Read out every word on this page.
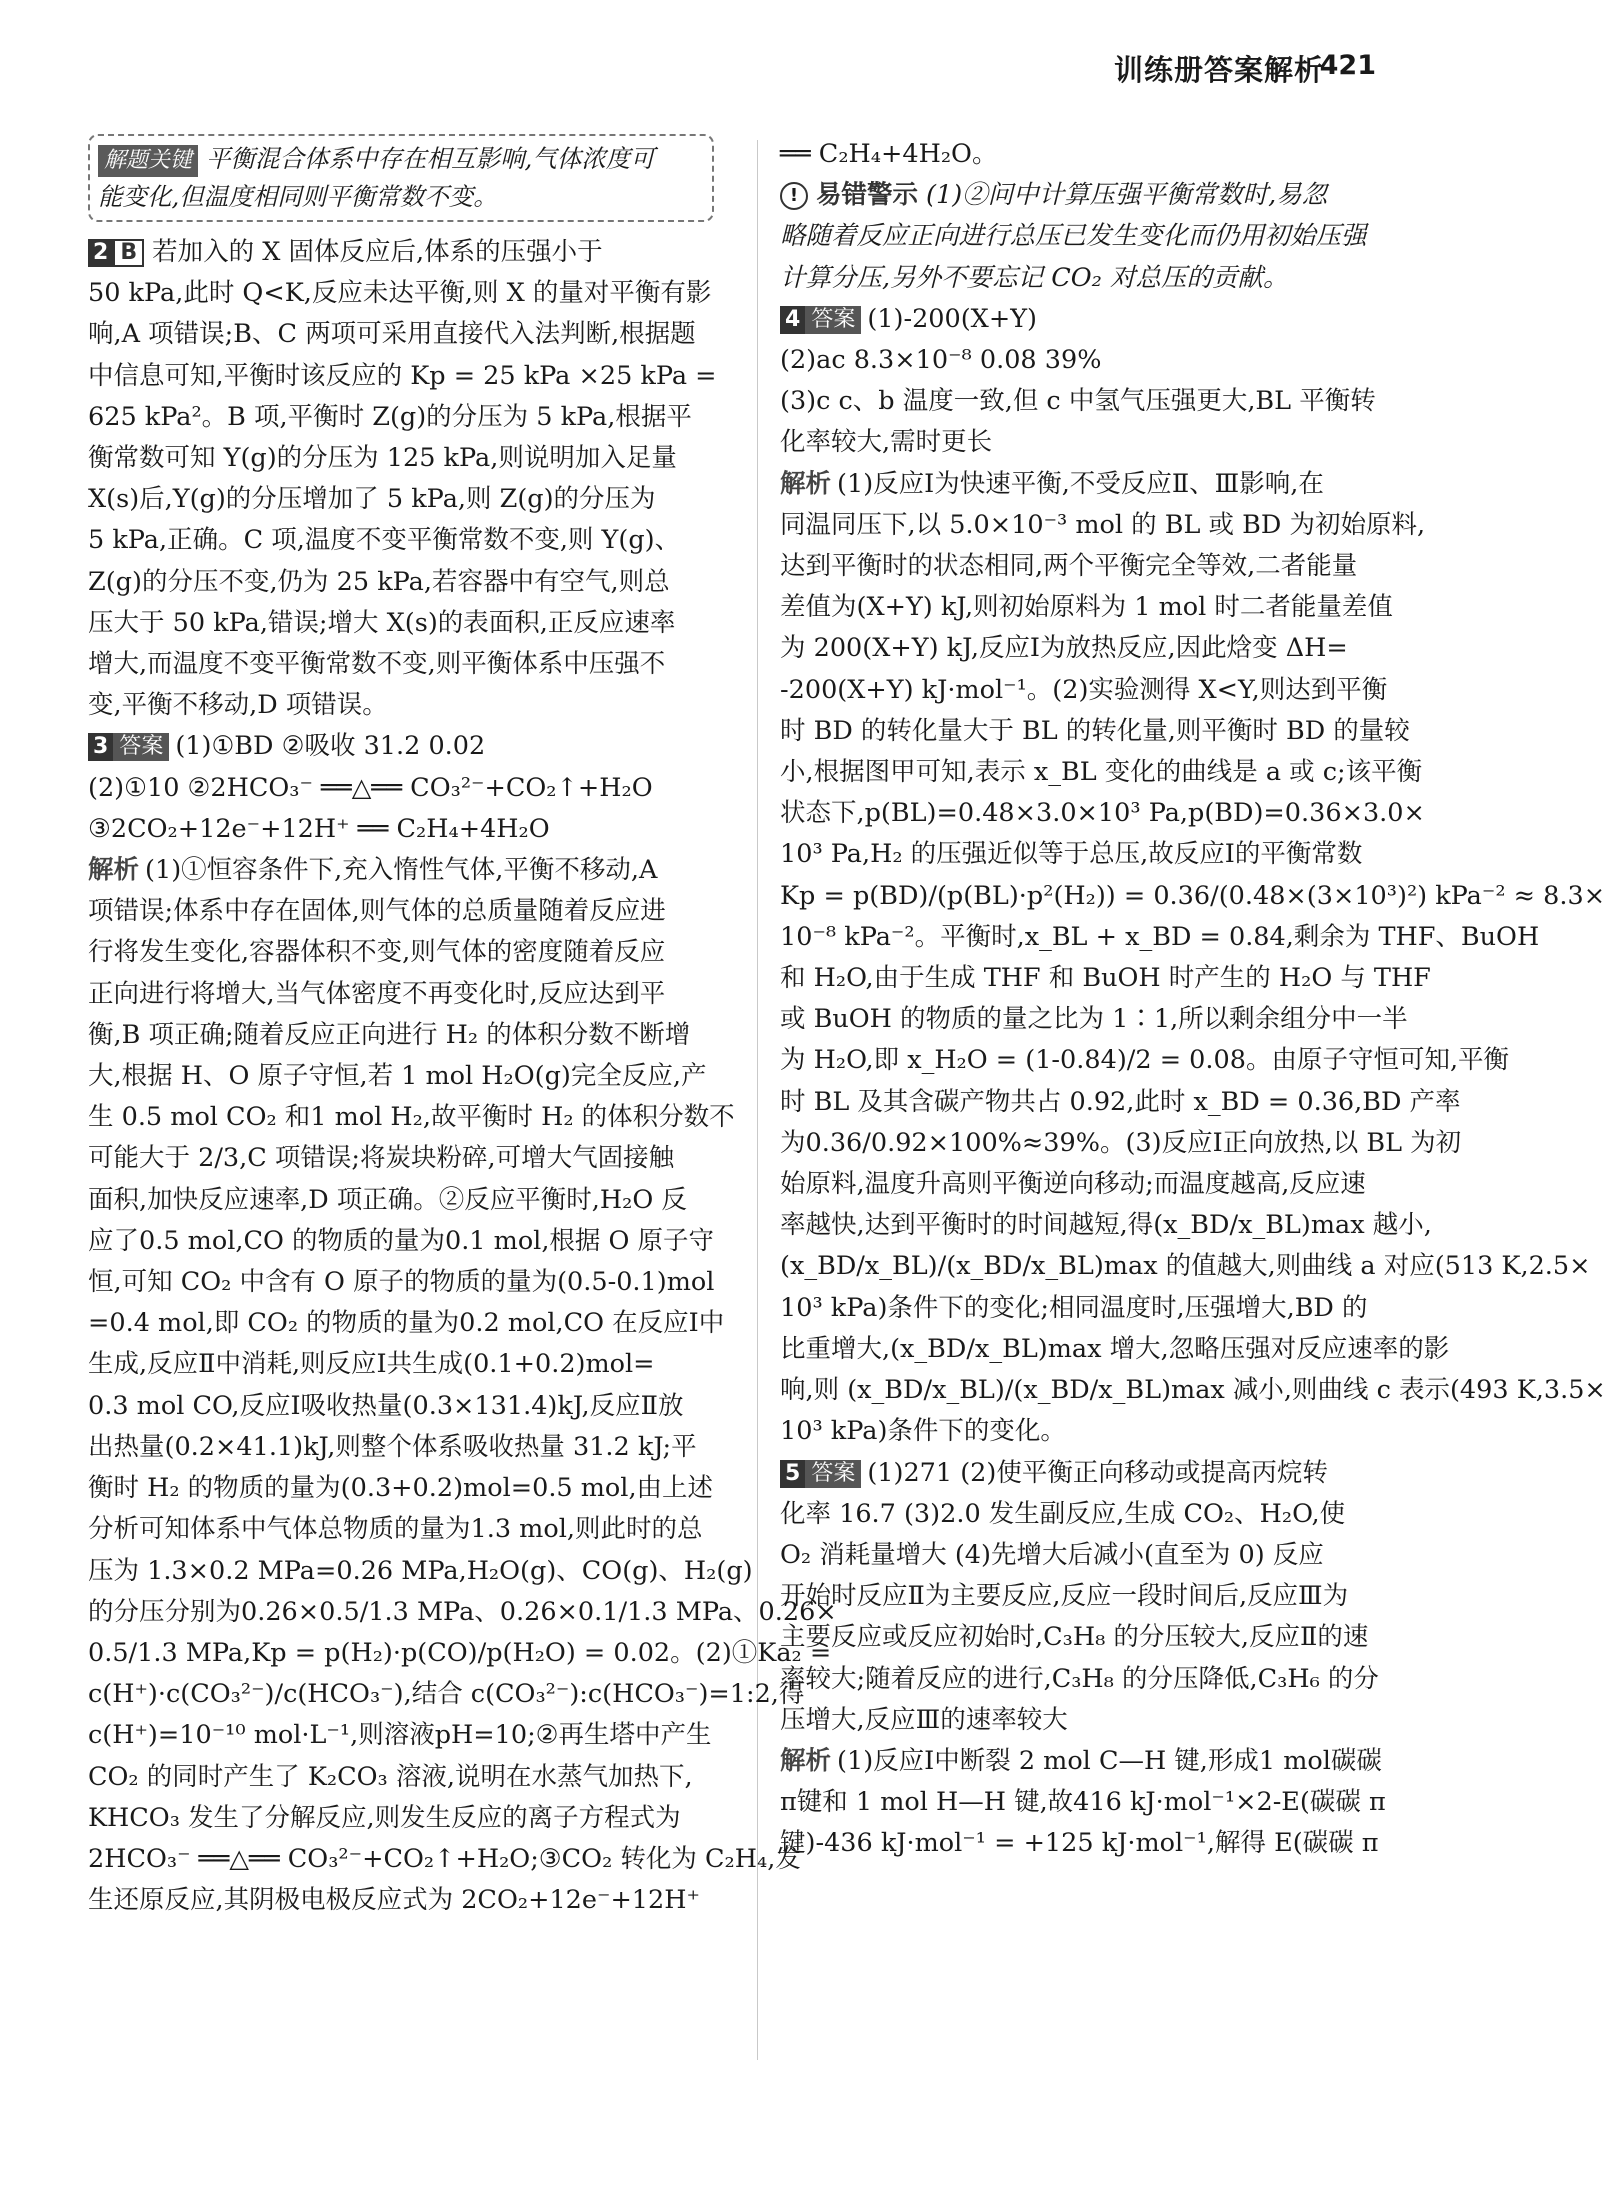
训练册答案解析
421
解题关键 平衡混合体系中存在相互影响,气体浓度可
能变化,但温度相同则平衡常数不变。
2 B 若加入的 X 固体反应后,体系的压强小于
50 kPa,此时 Q<K,反应未达平衡,则 X 的量对平衡有影
响,A 项错误;B、C 两项可采用直接代入法判断,根据题
中信息可知,平衡时该反应的 Kp = 25 kPa ×25 kPa =
625 kPa²。B 项,平衡时 Z(g)的分压为 5 kPa,根据平
衡常数可知 Y(g)的分压为 125 kPa,则说明加入足量
X(s)后,Y(g)的分压增加了 5 kPa,则 Z(g)的分压为
5 kPa,正确。C 项,温度不变平衡常数不变,则 Y(g)、
Z(g)的分压不变,仍为 25 kPa,若容器中有空气,则总
压大于 50 kPa,错误;增大 X(s)的表面积,正反应速率
增大,而温度不变平衡常数不变,则平衡体系中压强不
变,平衡不移动,D 项错误。
3 答案 (1)①BD ②吸收 31.2 0.02
(2)①10 ②2HCO₃⁻ ══△══ CO₃²⁻+CO₂↑+H₂O
③2CO₂+12e⁻+12H⁺ ══ C₂H₄+4H₂O
解析 (1)①恒容条件下,充入惰性气体,平衡不移动,A
项错误;体系中存在固体,则气体的总质量随着反应进
行将发生变化,容器体积不变,则气体的密度随着反应
正向进行将增大,当气体密度不再变化时,反应达到平
衡,B 项正确;随着反应正向进行 H₂ 的体积分数不断增
大,根据 H、O 原子守恒,若 1 mol H₂O(g)完全反应,产
生 0.5 mol CO₂ 和1 mol H₂,故平衡时 H₂ 的体积分数不
可能大于 2/3,C 项错误;将炭块粉碎,可增大气固接触
面积,加快反应速率,D 项正确。②反应平衡时,H₂O 反
应了0.5 mol,CO 的物质的量为0.1 mol,根据 O 原子守
恒,可知 CO₂ 中含有 O 原子的物质的量为(0.5-0.1)mol
=0.4 mol,即 CO₂ 的物质的量为0.2 mol,CO 在反应Ⅰ中
生成,反应Ⅱ中消耗,则反应Ⅰ共生成(0.1+0.2)mol=
0.3 mol CO,反应Ⅰ吸收热量(0.3×131.4)kJ,反应Ⅱ放
出热量(0.2×41.1)kJ,则整个体系吸收热量 31.2 kJ;平
衡时 H₂ 的物质的量为(0.3+0.2)mol=0.5 mol,由上述
分析可知体系中气体总物质的量为1.3 mol,则此时的总
压为 1.3×0.2 MPa=0.26 MPa,H₂O(g)、CO(g)、H₂(g)
的分压分别为0.26×0.5/1.3 MPa、0.26×0.1/1.3 MPa、0.26×
0.5/1.3 MPa,Kp = p(H₂)·p(CO)/p(H₂O) = 0.02。(2)①Ka₂ =
c(H⁺)·c(CO₃²⁻)/c(HCO₃⁻),结合 c(CO₃²⁻):c(HCO₃⁻)=1:2,得
c(H⁺)=10⁻¹⁰ mol·L⁻¹,则溶液pH=10;②再生塔中产生
CO₂ 的同时产生了 K₂CO₃ 溶液,说明在水蒸气加热下,
KHCO₃ 发生了分解反应,则发生反应的离子方程式为
2HCO₃⁻ ══△══ CO₃²⁻+CO₂↑+H₂O;③CO₂ 转化为 C₂H₄,发
生还原反应,其阴极电极反应式为 2CO₂+12e⁻+12H⁺
══ C₂H₄+4H₂O。
! 易错警示 (1)②问中计算压强平衡常数时,易忽
略随着反应正向进行总压已发生变化而仍用初始压强
计算分压,另外不要忘记 CO₂ 对总压的贡献。
4 答案 (1)-200(X+Y)
(2)ac 8.3×10⁻⁸ 0.08 39%
(3)c c、b 温度一致,但 c 中氢气压强更大,BL 平衡转
化率较大,需时更长
解析 (1)反应Ⅰ为快速平衡,不受反应Ⅱ、Ⅲ影响,在
同温同压下,以 5.0×10⁻³ mol 的 BL 或 BD 为初始原料,
达到平衡时的状态相同,两个平衡完全等效,二者能量
差值为(X+Y) kJ,则初始原料为 1 mol 时二者能量差值
为 200(X+Y) kJ,反应Ⅰ为放热反应,因此焓变 ΔH=
-200(X+Y) kJ·mol⁻¹。(2)实验测得 X<Y,则达到平衡
时 BD 的转化量大于 BL 的转化量,则平衡时 BD 的量较
小,根据图甲可知,表示 x_BL 变化的曲线是 a 或 c;该平衡
状态下,p(BL)=0.48×3.0×10³ Pa,p(BD)=0.36×3.0×
10³ Pa,H₂ 的压强近似等于总压,故反应Ⅰ的平衡常数
Kp = p(BD)/(p(BL)·p²(H₂)) = 0.36/(0.48×(3×10³)²) kPa⁻² ≈ 8.3×
10⁻⁸ kPa⁻²。平衡时,x_BL + x_BD = 0.84,剩余为 THF、BuOH
和 H₂O,由于生成 THF 和 BuOH 时产生的 H₂O 与 THF
或 BuOH 的物质的量之比为 1∶1,所以剩余组分中一半
为 H₂O,即 x_H₂O = (1-0.84)/2 = 0.08。由原子守恒可知,平衡
时 BL 及其含碳产物共占 0.92,此时 x_BD = 0.36,BD 产率
为0.36/0.92×100%≈39%。(3)反应Ⅰ正向放热,以 BL 为初
始原料,温度升高则平衡逆向移动;而温度越高,反应速
率越快,达到平衡时的时间越短,得(x_BD/x_BL)max 越小,
(x_BD/x_BL)/(x_BD/x_BL)max 的值越大,则曲线 a 对应(513 K,2.5×
10³ kPa)条件下的变化;相同温度时,压强增大,BD 的
比重增大,(x_BD/x_BL)max 增大,忽略压强对反应速率的影
响,则 (x_BD/x_BL)/(x_BD/x_BL)max 减小,则曲线 c 表示(493 K,3.5×
10³ kPa)条件下的变化。
5 答案 (1)271 (2)使平衡正向移动或提高丙烷转
化率 16.7 (3)2.0 发生副反应,生成 CO₂、H₂O,使
O₂ 消耗量增大 (4)先增大后减小(直至为 0) 反应
开始时反应Ⅱ为主要反应,反应一段时间后,反应Ⅲ为
主要反应或反应初始时,C₃H₈ 的分压较大,反应Ⅱ的速
率较大;随着反应的进行,C₃H₈ 的分压降低,C₃H₆ 的分
压增大,反应Ⅲ的速率较大
解析 (1)反应Ⅰ中断裂 2 mol C—H 键,形成1 mol碳碳
π键和 1 mol H—H 键,故416 kJ·mol⁻¹×2-E(碳碳 π
键)-436 kJ·mol⁻¹ = +125 kJ·mol⁻¹,解得 E(碳碳 π
